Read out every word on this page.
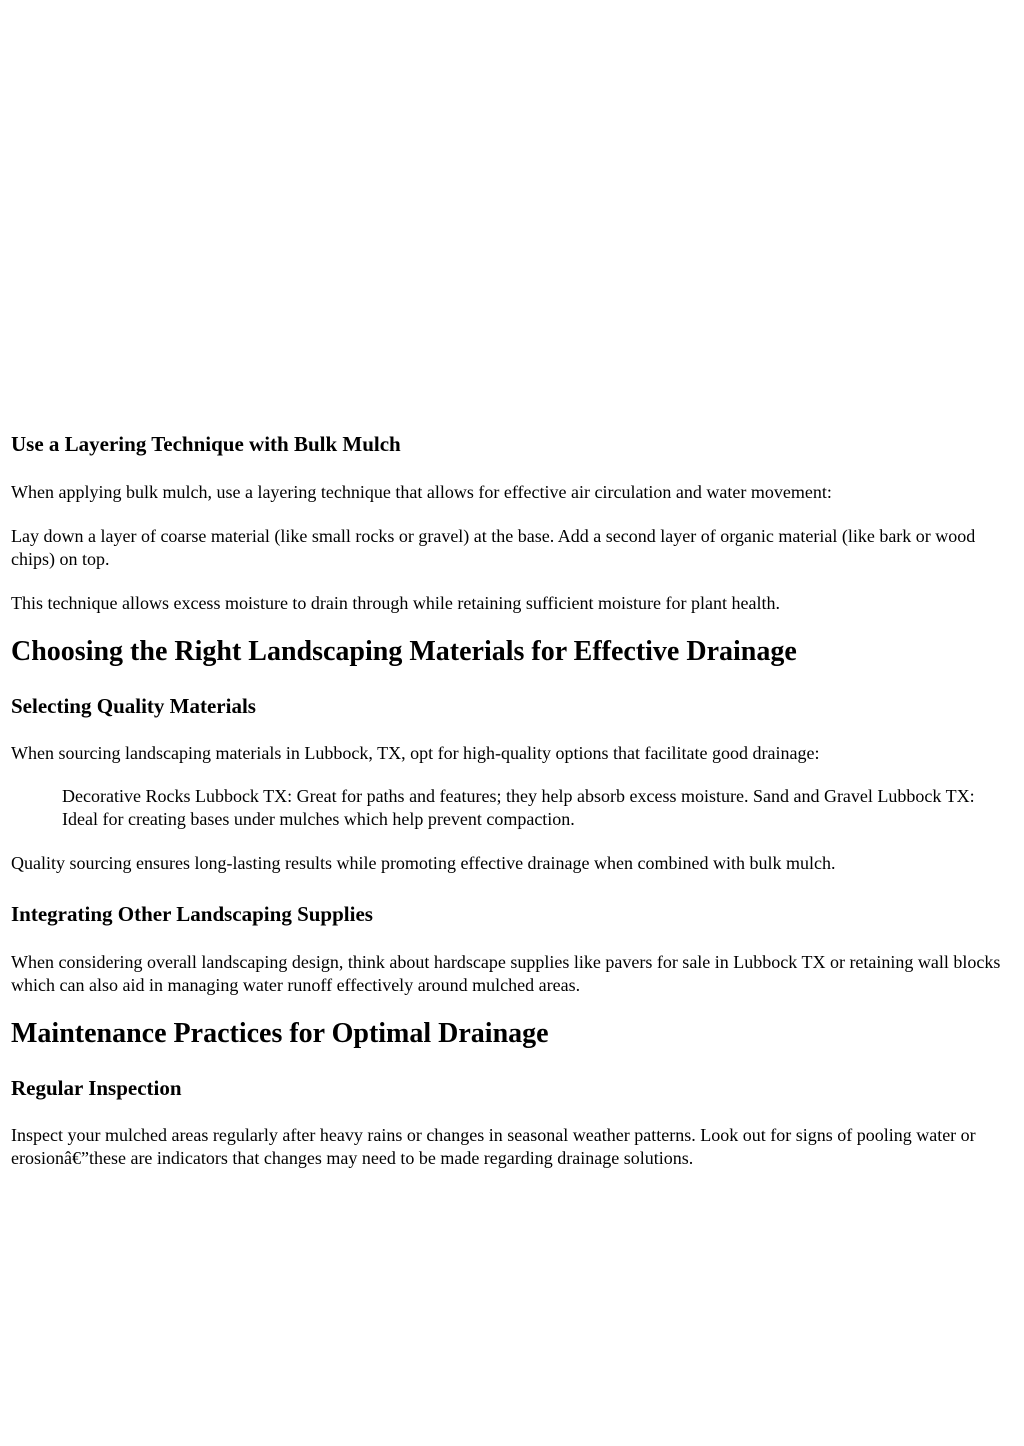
Use a Layering Technique with Bulk Mulch

When applying bulk mulch, use a layering technique that allows for effective air circulation and water movement:

Lay down a layer of coarse material (like small rocks or gravel) at the base. Add a second layer of organic material (like bark or wood chips) on top.

This technique allows excess moisture to drain through while retaining sufficient moisture for plant health.

Choosing the Right Landscaping Materials for Effective Drainage
Selecting Quality Materials

When sourcing landscaping materials in Lubbock, TX, opt for high-quality options that facilitate good drainage:

Decorative Rocks Lubbock TX: Great for paths and features; they help absorb excess moisture. Sand and Gravel Lubbock TX: Ideal for creating bases under mulches which help prevent compaction.

Quality sourcing ensures long-lasting results while promoting effective drainage when combined with bulk mulch.

Integrating Other Landscaping Supplies

When considering overall landscaping design, think about hardscape supplies like pavers for sale in Lubbock TX or retaining wall blocks which can also aid in managing water runoff effectively around mulched areas.

Maintenance Practices for Optimal Drainage
Regular Inspection

Inspect your mulched areas regularly after heavy rains or changes in seasonal weather patterns. Look out for signs of pooling water or erosionâ€”these are indicators that changes may need to be made regarding drainage solutions.
